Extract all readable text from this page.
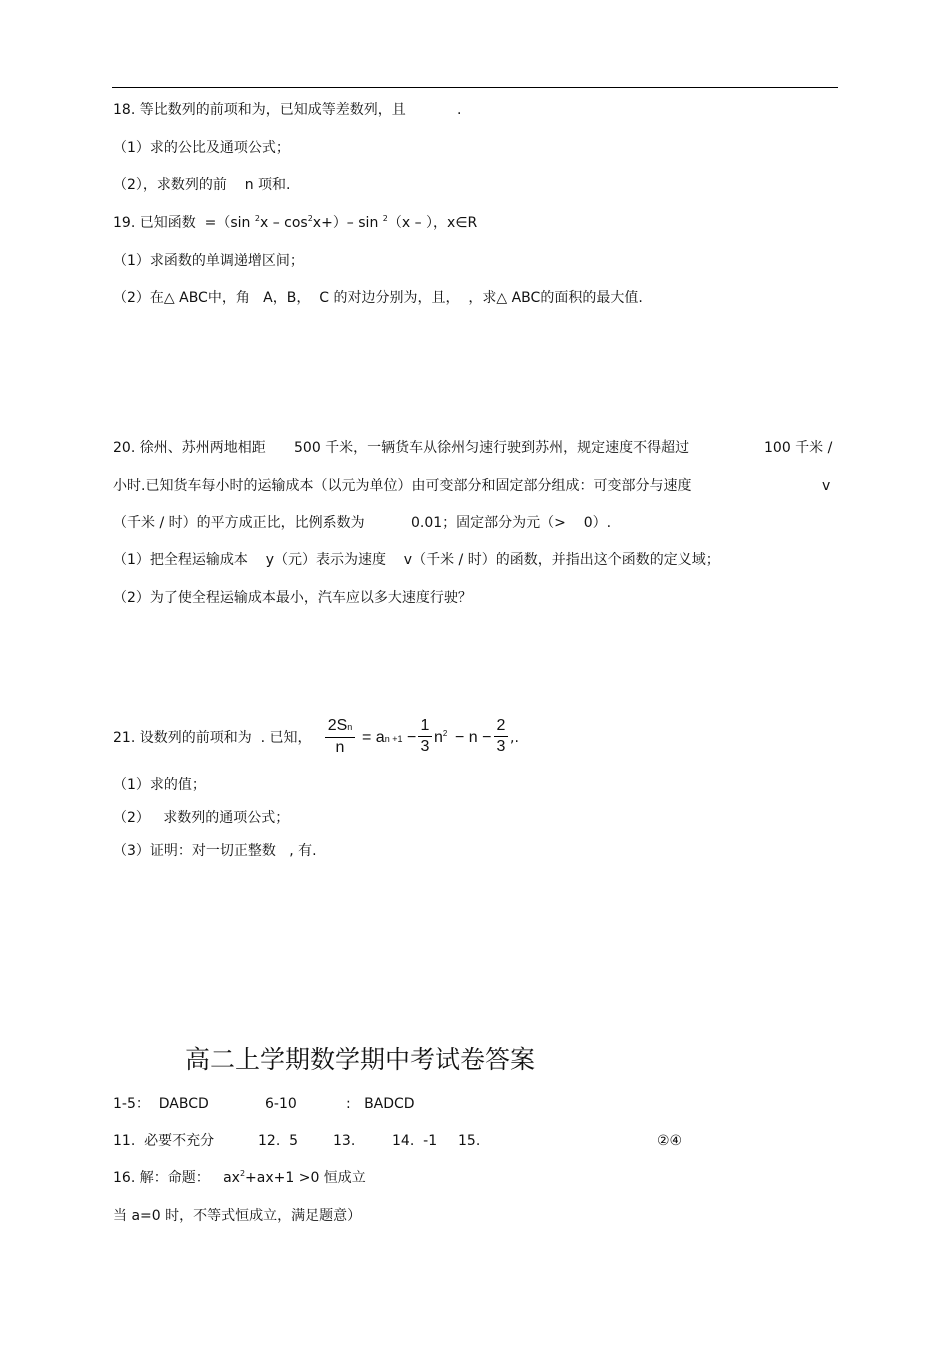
18. 等比数列的前项和为，已知成等差数列，且	.
（1）求的公比及通项公式；
（2），求数列的前    n 项和.
19. 已知函数  =（sin $^2x - \cos^2x+)-$ sin $^2$（x – ），x∈R
（1）求函数的单调递增区间；
（2）在△ ABC中，角   A，B，  C 的对边分别为，且，  ，求△ ABC的面积的最大值.
20. 徐州、苏州两地相距 500 千米，一辆货车从徐州匀速行驶到苏州，规定速度不得超过	100 千米 /
小时.已知货车每小时的运输成本（以元为单位）由可变部分和固定部分组成：可变部分与速度	v
（千米 / 时）的平方成正比，比例系数为	0.01；固定部分为元（>    0）.
（1）把全程运输成本    y（元）表示为速度    v（千米 / 时）的函数，并指出这个函数的定义域；
（2）为了使全程运输成本最小，汽车应以多大速度行驶？
21. 设数列的前项和为  . 已知，
2Sn
n
= an +1 −
1
3
$n^2 - n$ −
2
3 ,.
（1）求的值；
（2）   求数列的通项公式；
（3）证明：对一切正整数   , 有.
高二上学期数学期中考试卷答案
1-5：  DABCD	6-10	:   BADCD
11.  必要不充分	12.  5 13.	14.  -1 15.	②④
16. 解：命题：   $ax^2+ax+1 >0$ 恒成立
当 a=0 时，不等式恒成立，满足题意）
